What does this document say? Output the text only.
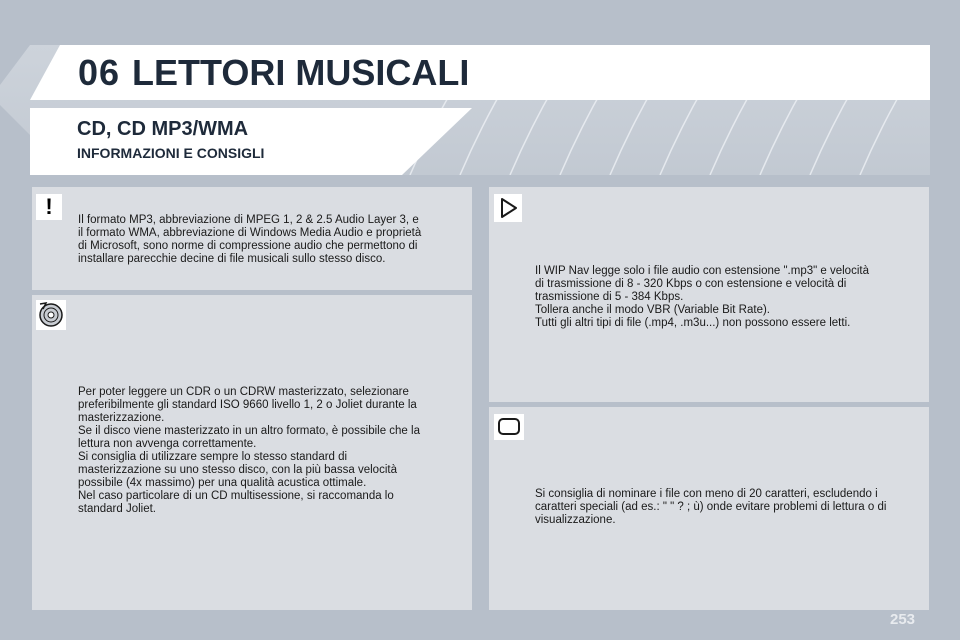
06 LETTORI MUSICALI
CD, CD MP3/WMA
INFORMAZIONI E CONSIGLI
!
Il formato MP3, abbreviazione di MPEG 1, 2 & 2.5 Audio Layer 3, e
il formato WMA, abbreviazione di Windows Media Audio e proprietà
di Microsoft, sono norme di compressione audio che permettono di
installare parecchie decine di file musicali sullo stesso disco.
Per poter leggere un CDR o un CDRW masterizzato, selezionare
preferibilmente gli standard ISO 9660 livello 1, 2 o Joliet durante la
masterizzazione.
Se il disco viene masterizzato in un altro formato, è possibile che la
lettura non avvenga correttamente.
Si consiglia di utilizzare sempre lo stesso standard di
masterizzazione su uno stesso disco, con la più bassa velocità
possibile (4x massimo) per una qualità acustica ottimale.
Nel caso particolare di un CD multisessione, si raccomanda lo
standard Joliet.
Il WIP Nav legge solo i file audio con estensione ".mp3" e velocità
di trasmissione di 8 - 320 Kbps o con estensione e velocità di
trasmissione di 5 - 384 Kbps.
Tollera anche il modo VBR (Variable Bit Rate).
Tutti gli altri tipi di file (.mp4, .m3u...) non possono essere letti.
Si consiglia di nominare i file con meno di 20 caratteri, escludendo i
caratteri speciali (ad es.: " " ? ; ù) onde evitare problemi di lettura o di
visualizzazione.
253
